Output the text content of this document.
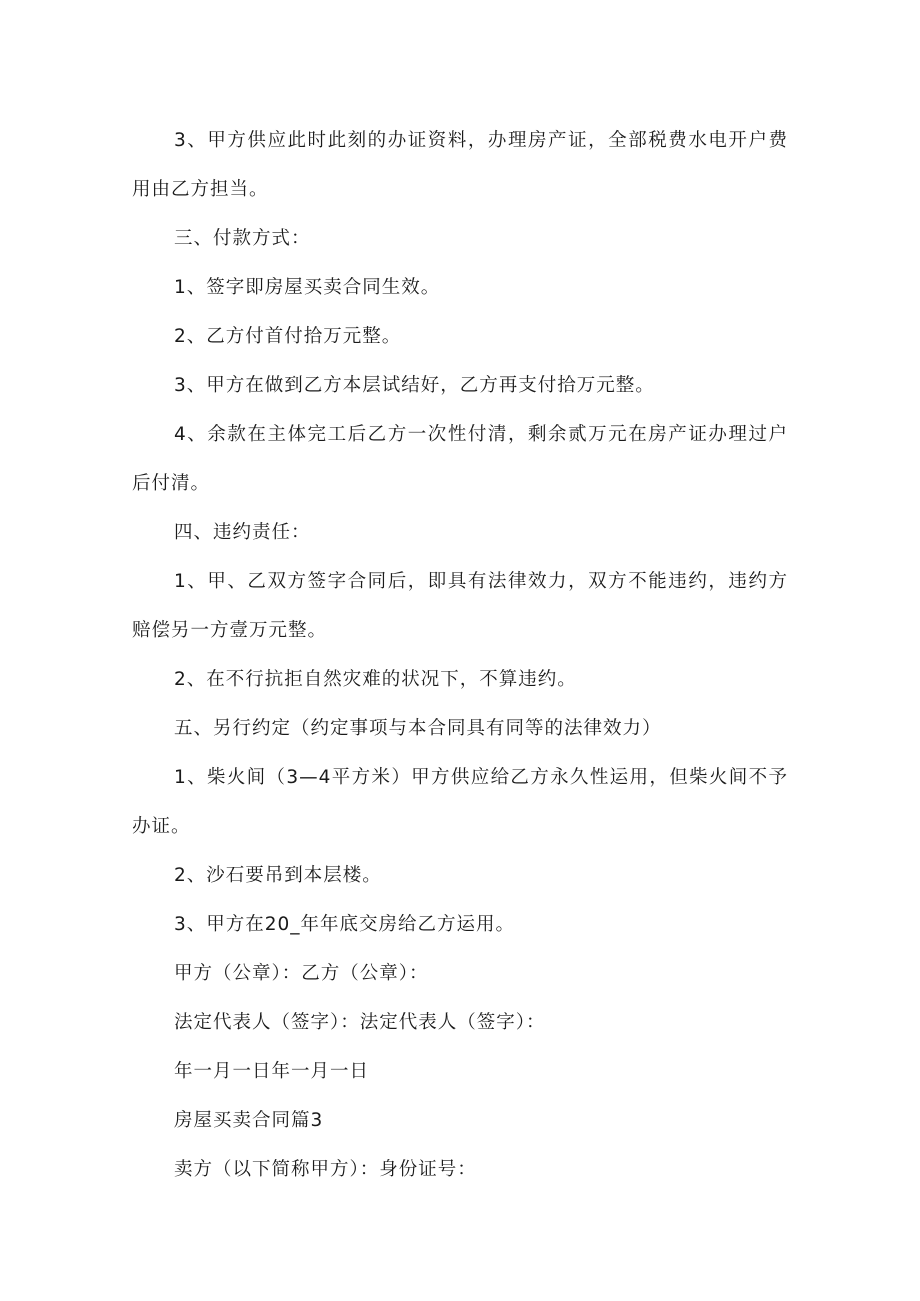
3、甲方供应此时此刻的办证资料，办理房产证，全部税费水电开户费用由乙方担当。

三、付款方式：

1、签字即房屋买卖合同生效。

2、乙方付首付拾万元整。

3、甲方在做到乙方本层试结好，乙方再支付拾万元整。

4、余款在主体完工后乙方一次性付清，剩余贰万元在房产证办理过户后付清。

四、违约责任：

1、甲、乙双方签字合同后，即具有法律效力，双方不能违约，违约方赔偿另一方壹万元整。

2、在不行抗拒自然灾难的状况下，不算违约。

五、另行约定（约定事项与本合同具有同等的法律效力）

1、柴火间（3—4平方米）甲方供应给乙方永久性运用，但柴火间不予办证。

2、沙石要吊到本层楼。

3、甲方在20_年年底交房给乙方运用。

甲方（公章）：乙方（公章）：

法定代表人（签字）：法定代表人（签字）：

年一月一日年一月一日

房屋买卖合同篇3

卖方（以下简称甲方）：身份证号：
